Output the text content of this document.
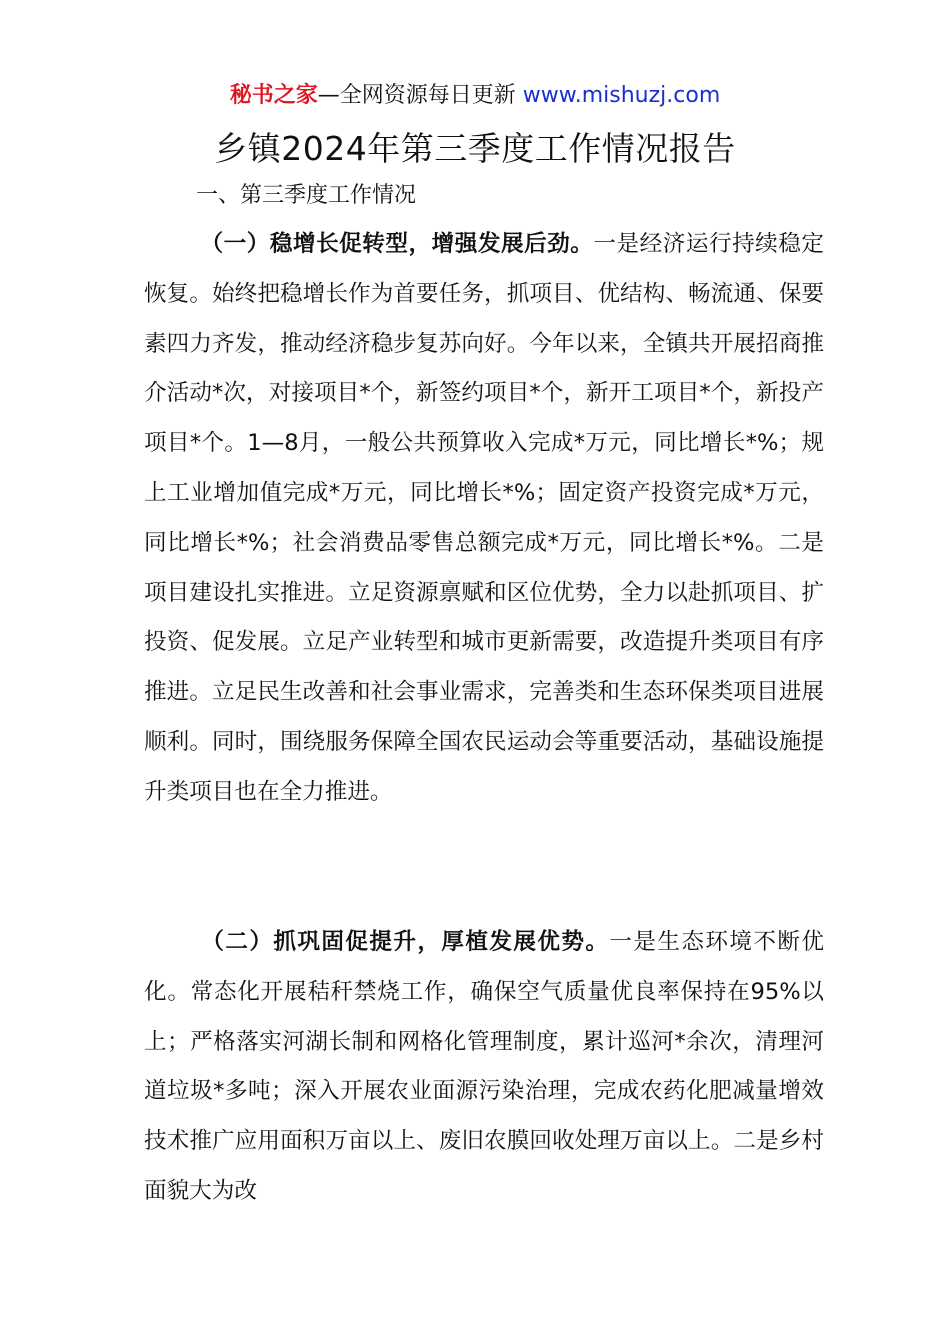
秘书之家—全网资源每日更新 www.mishuzj.com
乡镇2024年第三季度工作情况报告
一、第三季度工作情况

（一）稳增长促转型，增强发展后劲。一是经济运行持续稳定恢复。始终把稳增长作为首要任务，抓项目、优结构、畅流通、保要素四力齐发，推动经济稳步复苏向好。今年以来，全镇共开展招商推介活动*次，对接项目*个，新签约项目*个，新开工项目*个，新投产项目*个。1—8月，一般公共预算收入完成*万元，同比增长*%；规上工业增加值完成*万元，同比增长*%；固定资产投资完成*万元，同比增长*%；社会消费品零售总额完成*万元，同比增长*%。二是项目建设扎实推进。立足资源禀赋和区位优势，全力以赴抓项目、扩投资、促发展。立足产业转型和城市更新需要，改造提升类项目有序推进。立足民生改善和社会事业需求，完善类和生态环保类项目进展顺利。同时，围绕服务保障全国农民运动会等重要活动，基础设施提升类项目也在全力推进。

（二）抓巩固促提升，厚植发展优势。一是生态环境不断优化。常态化开展秸秆禁烧工作，确保空气质量优良率保持在95%以上；严格落实河湖长制和网格化管理制度，累计巡河*余次，清理河道垃圾*多吨；深入开展农业面源污染治理，完成农药化肥减量增效技术推广应用面积万亩以上、废旧农膜回收处理万亩以上。二是乡村面貌大为改
